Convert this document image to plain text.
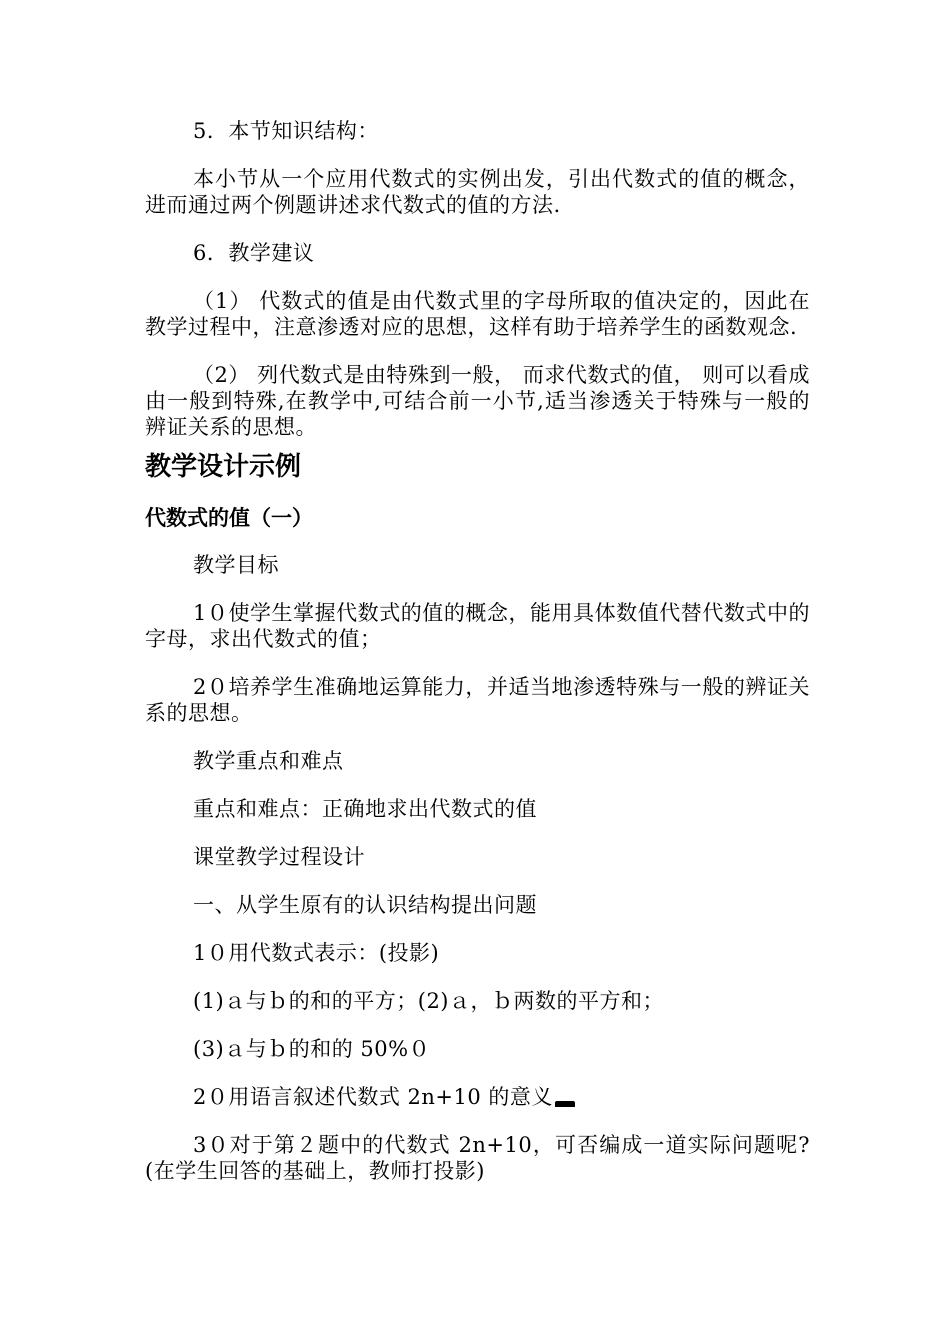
5．本节知识结构：

本小节从一个应用代数式的实例出发，引出代数式的值的概念，进而通过两个例题讲述求代数式的值的方法.

6．教学建议

（1） 代数式的值是由代数式里的字母所取的值决定的，因此在教学过程中，注意渗透对应的思想，这样有助于培养学生的函数观念.

（2） 列代数式是由特殊到一般， 而求代数式的值， 则可以看成由一般到特殊,在教学中,可结合前一小节,适当渗透关于特殊与一般的辨证关系的思想。

教学设计示例
代数式的值（一）

教学目标

1０使学生掌握代数式的值的概念，能用具体数值代替代数式中的字母，求出代数式的值；

2０培养学生准确地运算能力，并适当地渗透特殊与一般的辨证关系的思想。

教学重点和难点

重点和难点：正确地求出代数式的值

课堂教学过程设计

一、从学生原有的认识结构提出问题

1０用代数式表示：(投影)

(1)ａ与ｂ的和的平方；(2)ａ，ｂ两数的平方和；

(3)ａ与ｂ的和的 50%０

2０用语言叙述代数式 2n+10 的意义

3０对于第２题中的代数式 2n+10，可否编成一道实际问题呢?(在学生回答的基础上，教师打投影)
